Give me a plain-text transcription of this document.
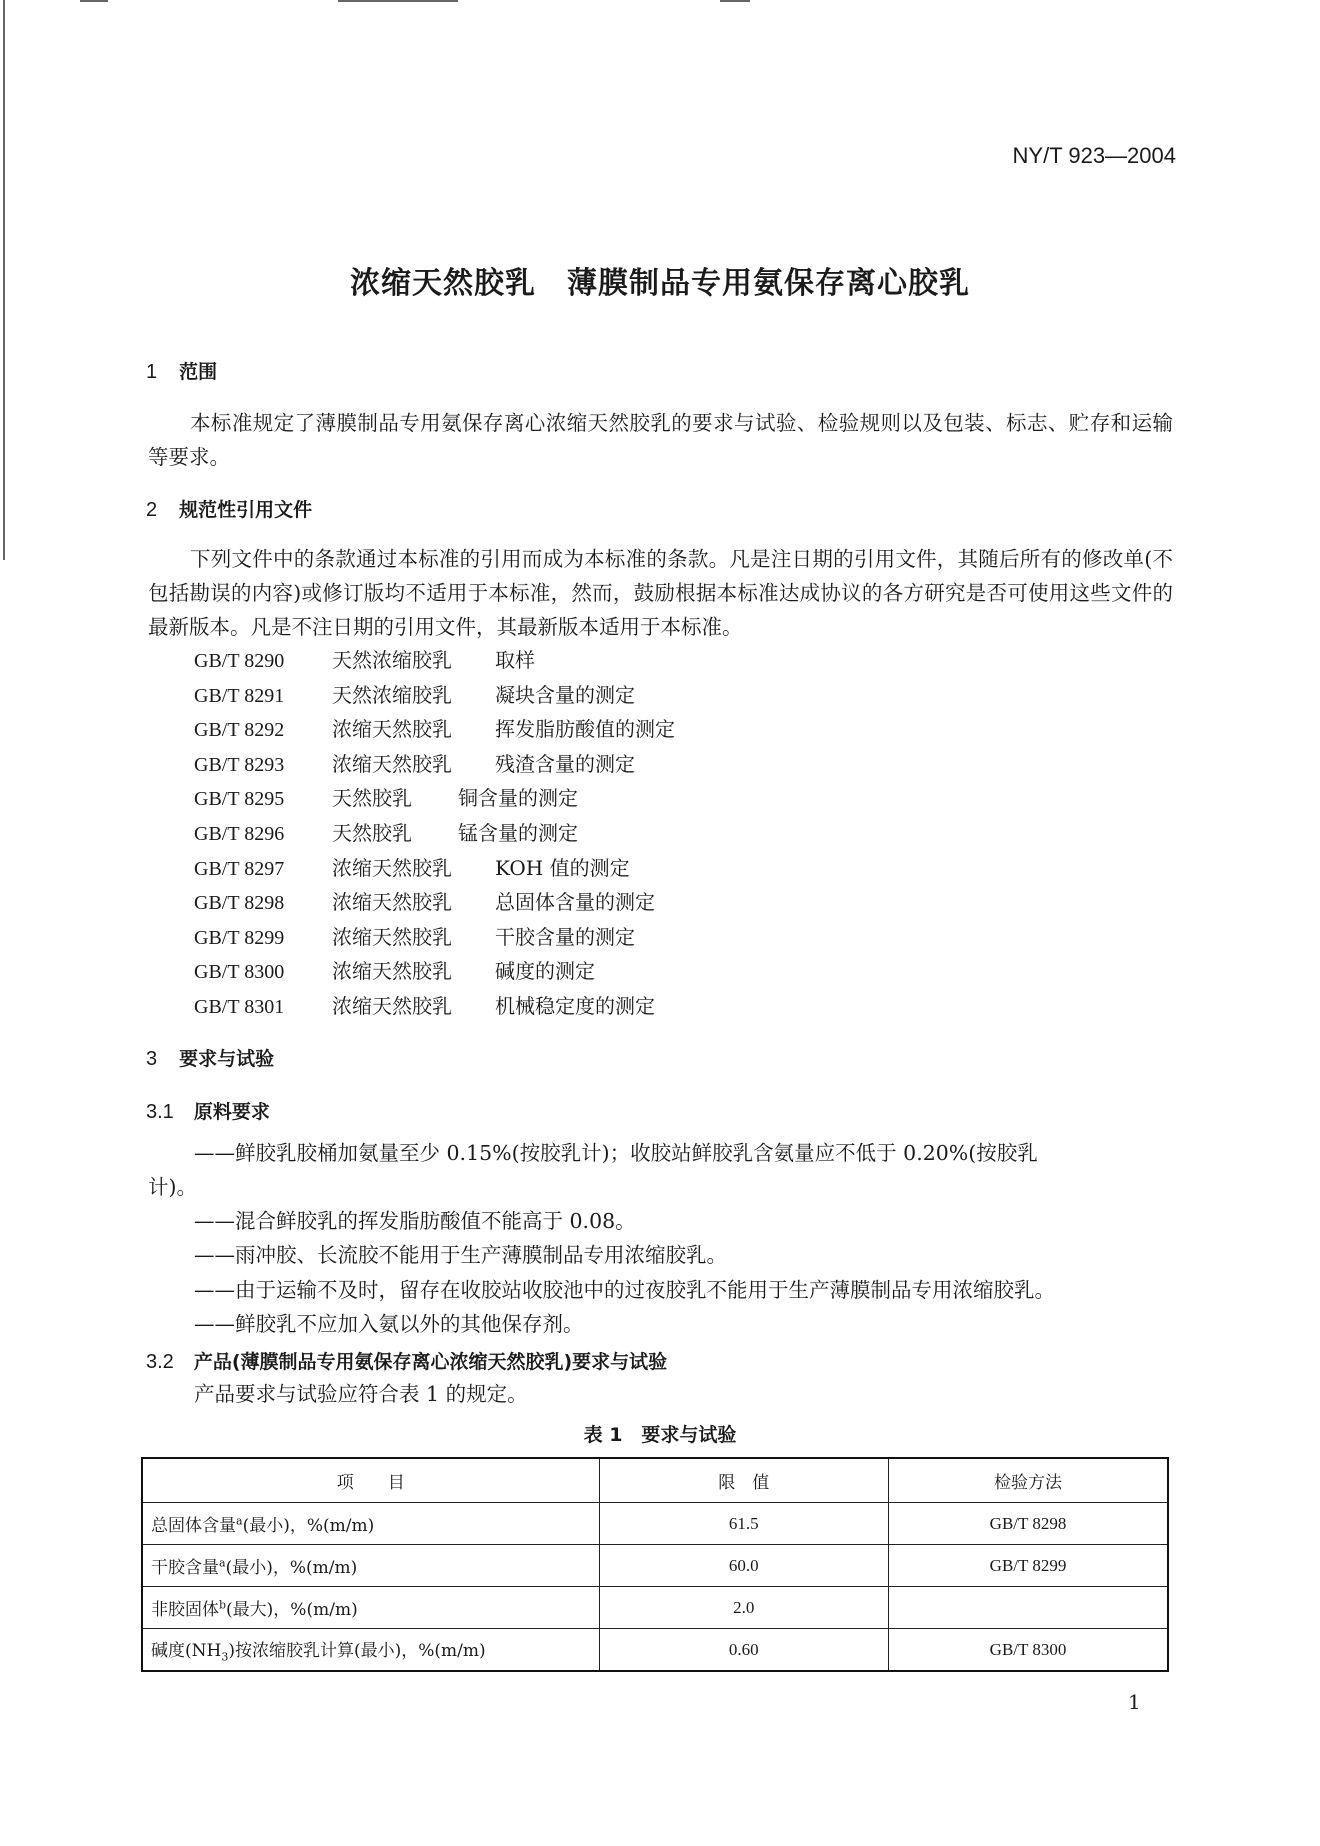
NY/T 923—2004
浓缩天然胶乳　薄膜制品专用氨保存离心胶乳
1 范围
本标准规定了薄膜制品专用氨保存离心浓缩天然胶乳的要求与试验、检验规则以及包装、标志、贮存和运输等要求。
2 规范性引用文件
下列文件中的条款通过本标准的引用而成为本标准的条款。凡是注日期的引用文件，其随后所有的修改单(不包括勘误的内容)或修订版均不适用于本标准，然而，鼓励根据本标准达成协议的各方研究是否可使用这些文件的最新版本。凡是不注日期的引用文件，其最新版本适用于本标准。
GB/T 8290 天然浓缩胶乳 取样
GB/T 8291 天然浓缩胶乳 凝块含量的测定
GB/T 8292 浓缩天然胶乳 挥发脂肪酸值的测定
GB/T 8293 浓缩天然胶乳 残渣含量的测定
GB/T 8295 天然胶乳 铜含量的测定
GB/T 8296 天然胶乳 锰含量的测定
GB/T 8297 浓缩天然胶乳 KOH 值的测定
GB/T 8298 浓缩天然胶乳 总固体含量的测定
GB/T 8299 浓缩天然胶乳 干胶含量的测定
GB/T 8300 浓缩天然胶乳 碱度的测定
GB/T 8301 浓缩天然胶乳 机械稳定度的测定
3 要求与试验
3.1 原料要求
——鲜胶乳胶桶加氨量至少 0.15%(按胶乳计)；收胶站鲜胶乳含氨量应不低于 0.20%(按胶乳
计)。
——混合鲜胶乳的挥发脂肪酸值不能高于 0.08。
——雨冲胶、长流胶不能用于生产薄膜制品专用浓缩胶乳。
——由于运输不及时，留存在收胶站收胶池中的过夜胶乳不能用于生产薄膜制品专用浓缩胶乳。
——鲜胶乳不应加入氨以外的其他保存剂。
3.2 产品(薄膜制品专用氨保存离心浓缩天然胶乳)要求与试验
产品要求与试验应符合表 1 的规定。
表 1　要求与试验
项　　目	限　值	检验方法
总固体含量$^a$(最小)，%(m/m)	61.5	GB/T 8298
干胶含量$^a$(最小)，%(m/m)	60.0	GB/T 8299
非胶固体$^b$(最大)，%(m/m)	2.0	
碱度$(NH_3)$按浓缩胶乳计算(最小)，%(m/m)	0.60	GB/T 8300
1
